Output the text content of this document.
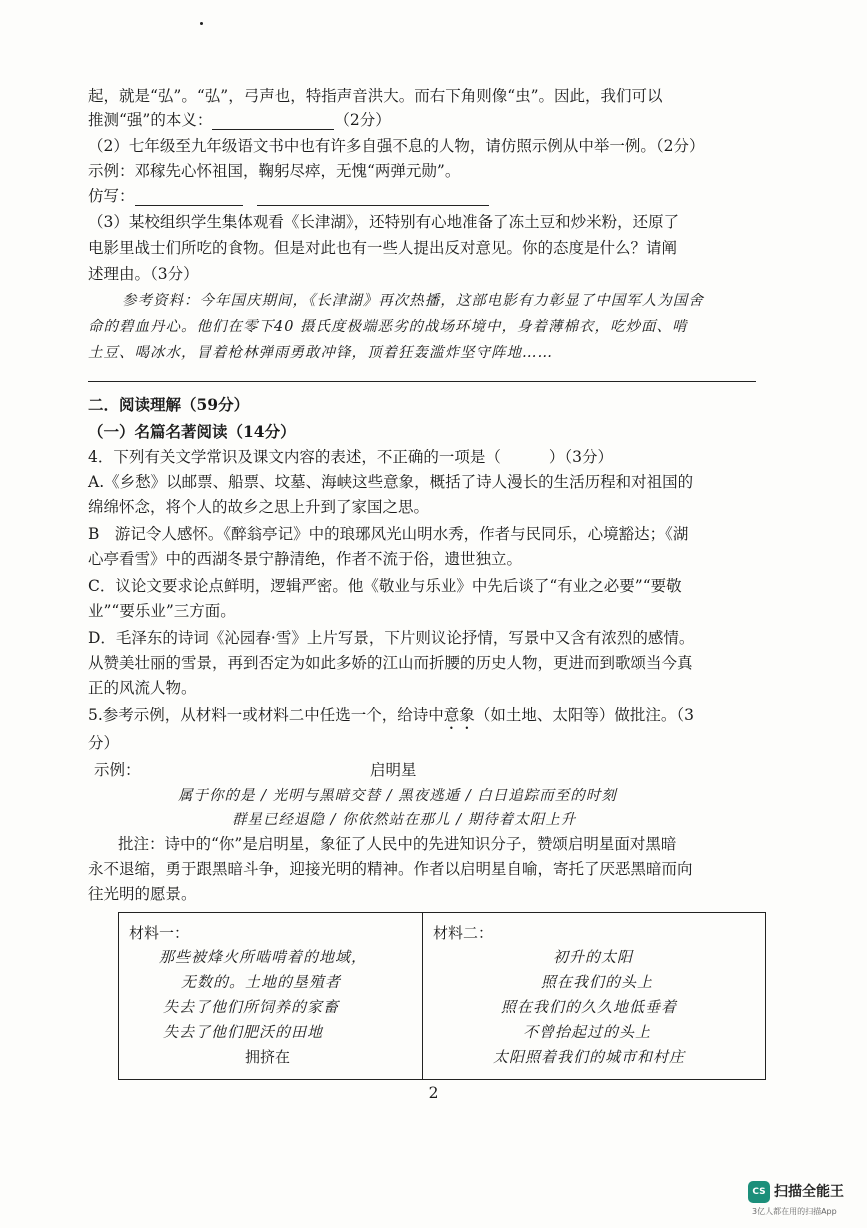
起，就是“弘”。“弘”，弓声也，特指声音洪大。而右下角则像“虫”。因此，我们可以
推测“强”的本义：	（2分）
（2）七年级至九年级语文书中也有许多自强不息的人物，请仿照示例从中举一例。（2分）
示例：邓稼先心怀祖国，鞠躬尽瘁，无愧“两弹元勋”。
仿写：
（3）某校组织学生集体观看《长津湖》，还特别有心地准备了冻土豆和炒米粉，还原了
电影里战士们所吃的食物。但是对此也有一些人提出反对意见。你的态度是什么？请阐
述理由。（3分）
参考资料：今年国庆期间，《长津湖》再次热播，这部电影有力彰显了中国军人为国舍
命的碧血丹心。他们在零下40 摄氏度极端恶劣的战场环境中，身着薄棉衣，吃炒面、啃
土豆、喝冰水，冒着枪林弹雨勇敢冲锋，顶着狂轰滥炸坚守阵地……
二．阅读理解（59分）
（一）名篇名著阅读（14分）
4．下列有关文学常识及课文内容的表述，不正确的一项是（	）（3分）
A.《乡愁》以邮票、船票、坟墓、海峡这些意象，概括了诗人漫长的生活历程和对祖国的
绵绵怀念，将个人的故乡之思上升到了家国之思。
B　游记令人感怀。《醉翁亭记》中的琅琊风光山明水秀，作者与民同乐，心境豁达；《湖
心亭看雪》中的西湖冬景宁静清绝，作者不流于俗，遗世独立。
C．议论文要求论点鲜明，逻辑严密。他《敬业与乐业》中先后谈了“有业之必要”“要敬
业”“要乐业”三方面。
D．毛泽东的诗词《沁园春·雪》上片写景，下片则议论抒情，写景中又含有浓烈的感情。
从赞美壮丽的雪景，再到否定为如此多娇的江山而折腰的历史人物，更进而到歌颂当今真
正的风流人物。
5.参考示例，从材料一或材料二中任选一个，给诗中意象（如土地、太阳等）做批注。（3
分）
示例：	启明星
属于你的是 / 光明与黑暗交替 / 黑夜逃遁 / 白日追踪而至的时刻
群星已经退隐 / 你依然站在那儿 / 期待着太阳上升
批注：诗中的“你”是启明星，象征了人民中的先进知识分子，赞颂启明星面对黑暗
永不退缩，勇于跟黑暗斗争，迎接光明的精神。作者以启明星自喻，寄托了厌恶黑暗而向
往光明的愿景。
材料一：
那些被烽火所啮啃着的地域，
无数的。土地的垦殖者
失去了他们所饲养的家畜
失去了他们肥沃的田地
拥挤在
材料二：
初升的太阳
照在我们的头上
照在我们的久久地低垂着
不曾抬起过的头上
太阳照着我们的城市和村庄
2
CS 扫描全能王
3亿人都在用的扫描App
